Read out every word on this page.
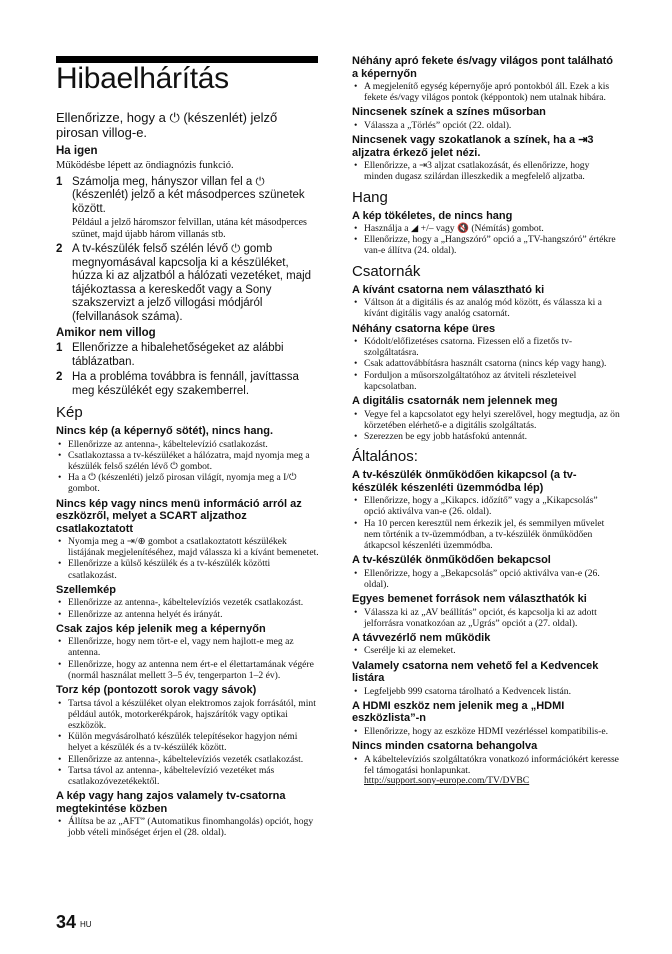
Hibaelhárítás

Ellenőrizze, hogy a ⏻ (készenlét) jelző pirosan villog-e.

Ha igen

Működésbe lépett az öndiagnózis funkció.

1 Számolja meg, hányszor villan fel a ⏻ (készenlét) jelző a két másodperces szünetek között.
Például a jelző háromszor felvillan, utána két másodperces szünet, majd újabb három villanás stb.
2 A tv-készülék felső szélén lévő ⏻ gomb megnyomásával kapcsolja ki a készüléket, húzza ki az aljzatból a hálózati vezetéket, majd tájékoztassa a kereskedőt vagy a Sony szakszervizt a jelző villogási módjáról (felvillanások száma).
Amikor nem villog
1 Ellenőrizze a hibalehetőségeket az alábbi táblázatban.
2 Ha a probléma továbbra is fennáll, javíttassa meg készülékét egy szakemberrel.
Kép
Nincs kép (a képernyő sötét), nincs hang.
• Ellenőrizze az antenna-, kábeltelevízió csatlakozást.
• Csatlakoztassa a tv-készüléket a hálózatra, majd nyomja meg a készülék felső szélén lévő ⏻ gombot.
• Ha a ⏻ (készenléti) jelző pirosan világít, nyomja meg a I/⏻ gombot.
Nincs kép vagy nincs menü információ arról az eszközről, melyet a SCART aljzathoz csatlakoztatott
• Nyomja meg a ⇥/⊕ gombot a csatlakoztatott készülékek listájának megjelenítéséhez, majd válassza ki a kívánt bemenetet.
• Ellenőrizze a külső készülék és a tv-készülék közötti csatlakozást.
Szellemkép
• Ellenőrizze az antenna-, kábeltelevíziós vezeték csatlakozást.
• Ellenőrizze az antenna helyét és irányát.
Csak zajos kép jelenik meg a képernyőn
• Ellenőrizze, hogy nem tört-e el, vagy nem hajlott-e meg az antenna.
• Ellenőrizze, hogy az antenna nem ért-e el élettartamának végére (normál használat mellett 3–5 év, tengerparton 1–2 év).
Torz kép (pontozott sorok vagy sávok)
• Tartsa távol a készüléket olyan elektromos zajok forrásától, mint például autók, motorkerékpárok, hajszárítók vagy optikai eszközök.
• Külön megvásárolható készülék telepítésekor hagyjon némi helyet a készülék és a tv-készülék között.
• Ellenőrizze az antenna-, kábeltelevíziós vezeték csatlakozást.
• Tartsa távol az antenna-, kábeltelevízió vezetéket más csatlakozóvezetékektől.
A kép vagy hang zajos valamely tv-csatorna megtekintése közben
• Állítsa be az „AFT” (Automatikus finomhangolás) opciót, hogy jobb vételi minőséget érjen el (28. oldal).
Néhány apró fekete és/vagy világos pont található a képernyőn
• A megjelenítő egység képernyője apró pontokból áll. Ezek a kis fekete és/vagy világos pontok (képpontok) nem utalnak hibára.
Nincsenek színek a színes műsorban
• Válassza a „Törlés” opciót (22. oldal).
Nincsenek vagy szokatlanok a színek, ha a ⇥3 aljzatra érkező jelet nézi.
• Ellenőrizze, a ⇥3 aljzat csatlakozását, és ellenőrizze, hogy minden dugasz szilárdan illeszkedik a megfelelő aljzatba.
Hang
A kép tökéletes, de nincs hang
• Használja a ◢ +/– vagy 🔇 (Némítás) gombot.
• Ellenőrizze, hogy a „Hangszóró” opció a „TV-hangszóró” értékre van-e állítva (24. oldal).
Csatornák
A kívánt csatorna nem választható ki
• Váltson át a digitális és az analóg mód között, és válassza ki a kívánt digitális vagy analóg csatornát.
Néhány csatorna képe üres
• Kódolt/előfizetéses csatorna. Fizessen elő a fizetős tv-szolgáltatásra.
• Csak adattovábbításra használt csatorna (nincs kép vagy hang).
• Forduljon a műsorszolgáltatóhoz az átviteli részleteivel kapcsolatban.
A digitális csatornák nem jelennek meg
• Vegye fel a kapcsolatot egy helyi szerelővel, hogy megtudja, az ön körzetében elérhető-e a digitális szolgáltatás.
• Szerezzen be egy jobb hatásfokú antennát.
Általános:
A tv-készülék önműködően kikapcsol (a tv-készülék készenléti üzemmódba lép)
• Ellenőrizze, hogy a „Kikapcs. időzítő” vagy a „Kikapcsolás” opció aktiválva van-e (26. oldal).
• Ha 10 percen keresztül nem érkezik jel, és semmilyen művelet nem történik a tv-üzemmódban, a tv-készülék önműködően átkapcsol készenléti üzemmódba.
A tv-készülék önműködően bekapcsol
• Ellenőrizze, hogy a „Bekapcsolás” opció aktiválva van-e (26. oldal).
Egyes bemenet források nem választhatók ki
• Válassza ki az „AV beállítás” opciót, és kapcsolja ki az adott jelforrásra vonatkozóan az „Ugrás” opciót a (27. oldal).
A távvezérlő nem működik
• Cserélje ki az elemeket.
Valamely csatorna nem vehető fel a Kedvencek listára
• Legfeljebb 999 csatorna tárolható a Kedvencek listán.
A HDMI eszköz nem jelenik meg a „HDMI eszközlista”-n
• Ellenőrizze, hogy az eszköze HDMI vezérléssel kompatibilis-e.
Nincs minden csatorna behangolva
• A kábeltelevíziós szolgáltatókra vonatkozó információkért keresse fel támogatási honlapunkat.
http://support.sony-europe.com/TV/DVBC
34 HU
